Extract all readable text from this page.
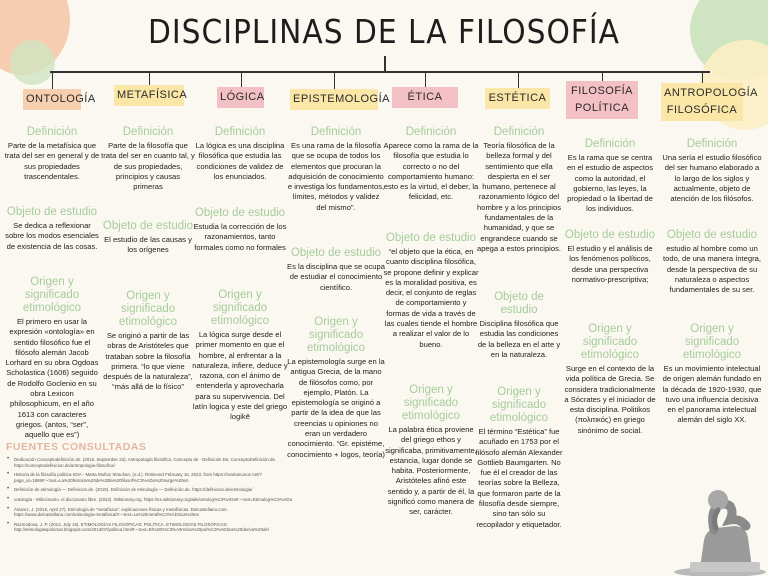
DISCIPLINAS DE LA FILOSOFÍA
ONTOLOGÍA
Definición
Parte de la metafísica que trata del ser en general y de sus propiedades trascendentales.
Objeto de estudio
Se dedica a reflexionar sobre los modos esenciales de existencia de las cosas.
Origen y significado etimológico
El primero en usar la expresión «ontología» en sentido filosófico fue el filósofo alemán Jacob Lorhard en su obra Ogdoas Scholastica (1606) seguido de Rodolfo Goclenio en su obra Lexicon philosophicum, en el año 1613 con caracteres griegos. (antos, “ser”, aquello que es”)
METAFÍSICA
Definición
Parte de la filosofía que trata del ser en cuanto tal, y de sus propiedades, principios y causas primeras
Objeto de estudio
El estudio de las causas y los orígenes
Origen y significado etimológico
Se originó a partir de las obras de Aristóteles que trataban sobre la filosofía primera. “lo que viene después de la naturaleza”, “más allá de lo físico”
LÓGICA
Definición
La lógica es una disciplina filosófica que estudia las condiciones de validez de los enunciados.
Objeto de estudio
Estudia la corrección de los razonamientos, tanto formales como no formales
Origen y significado etimológico
La lógica surge desde el primer momento en que el hombre, al enfrentar a la naturaleza, infiere, deduce y razona, con el ánimo de entenderla y aprovecharla para su supervivencia. Del latín logica y este del griego logikē
EPISTEMOLOGÍA
Definición
Es una rama de la filosofía que se ocupa de todos los elementos que procuran la adquisición de conocimiento e investiga los fundamentos, límites, métodos y validez del mismo”.
Objeto de estudio
Es la disciplina que se ocupa de estudiar el conocimiento científico.
Origen y significado etimológico
La epistemología surge en la antigua Grecia, de la mano de filósofos como, por ejemplo, Platón. La epistemología se originó a partir de la idea de que las creencias u opiniones no eran un verdadero conocimiento. “Gr. epistéme, conocimiento + logos, teoría)
ÉTICA
Definición
Aparece como la rama de la filosofía que estudia lo correcto o no del comportamiento humano: esto es la virtud, el deber, la felicidad, etc.
Objeto de estudio
“el objeto que la ética, en cuanto disciplina filosófica, se propone definir y explicar es la moralidad positiva, es decir, el conjunto de reglas de comportamiento y formas de vida a través de las cuales tiende el hombre a realizar el valor de lo bueno.
Origen y significado etimológico
La palabra ética proviene del griego ethos y significaba, primitivamente, estancia, lugar donde se habita. Posteriormente, Aristóteles afinó este sentido y, a partir de él, la significó como manera de ser, carácter.
ESTÉTICA
Definición
Teoría filosófica de la belleza formal y del sentimiento que ella despierta en el ser humano, pertenece al razonamiento lógico del hombre y a los principios fundamentales de la humanidad, y que se engrandece cuando se apega a estos principios.
Objeto de estudio
Disciplina filosófica que estudia las condiciones de la belleza en el arte y en la naturaleza.
Origen y significado etimológico
El término “Estética” fue acuñado en 1753 por el filósofo alemán Alexander Gottlieb Baumgarten. No fue él el creador de las teorías sobre la Belleza, que formaron parte de la filosofía desde siempre, sino tan sólo su recopilador y etiquetador.
FILOSOFÍA POLÍTICA
Definición
Es la rama que se centra en el estudio de aspectos como la autoridad, el gobierno, las leyes, la propiedad o la libertad de los individuos.
Objeto de estudio
El estudio y el análisis de los fenómenos políticos, desde una perspectiva normativo-prescriptiva;
Origen y significado etimológico
Surge en el contexto de la vida política de Grecia. Se considera tradicionalmente a Sócrates y el iniciador de esta disciplina. Politikos (πολιτικός) en griego sinónimo de social.
ANTROPOLOGÍA FILOSÓFICA
Definición
Una sería el estudio filosófico del ser humano elaborado a lo largo de los siglos y actualmente, objeto de atención de los filósofos.
Objeto de estudio
estudio al hombre como un todo, de una manera íntegra, desde la perspectiva de su naturaleza o aspectos fundamentales de su ser.
Origen y significado etimológico
Es un movimiento intelectual de origen alemán fundado en la década de 1920-1930, que tuvo una influencia decisiva en el panorama intelectual alemán del siglo XX.
FUENTES CONSULTADAS
• Dedicación Conceptodefinición.de. (2016, September 23). Antropología filosófica. Concepto de - Definición De; ConceptoDefinición.de. https://conceptodefinicion.de/antropologia-filosofica/
• Historia de la filosofía política-SOA - Marta Muñoz Strachan. (n.d.). Retrieved February 16, 2023, from https://martamunoz.net/?page_id=1869#:~:text=La%20historia%20de%20la%20filosof%C3%ADa%20surge%20en
• Definición de etimología — Definicion.de. (2019). Definición de etimología — Definición.de. https://definicion.de/etimologia/
• ontología - Wikcionario, el diccionario libre. (2022). Wiktionary.org. https://es.wiktionary.org/wiki/ontolog%C3%ADa#:~:text=Etimolog%C3%ADa
• Álvarez, J. (2018, April 27). Etimología de “metafísica”: explicaciones físicas y metafísicas. Delcastellano.com. https://www.delcastellano.com/etimologia-metafisica/#:~:text=La%20metaf%C3%ADsica%20es
• Razmodosa, J. P. (2013, July 16). ETIMOLOGÍAS FILOSÓFICAS: POLÍTICA. ETIMOLOGÍAS FILOSÓFICAS. http://etimologiaspolomar.blogspot.com/2013/07/politica.html#:~:text=El%20t%C3%A9rmino%20pol%C3%ADtica%20deriva%20del
